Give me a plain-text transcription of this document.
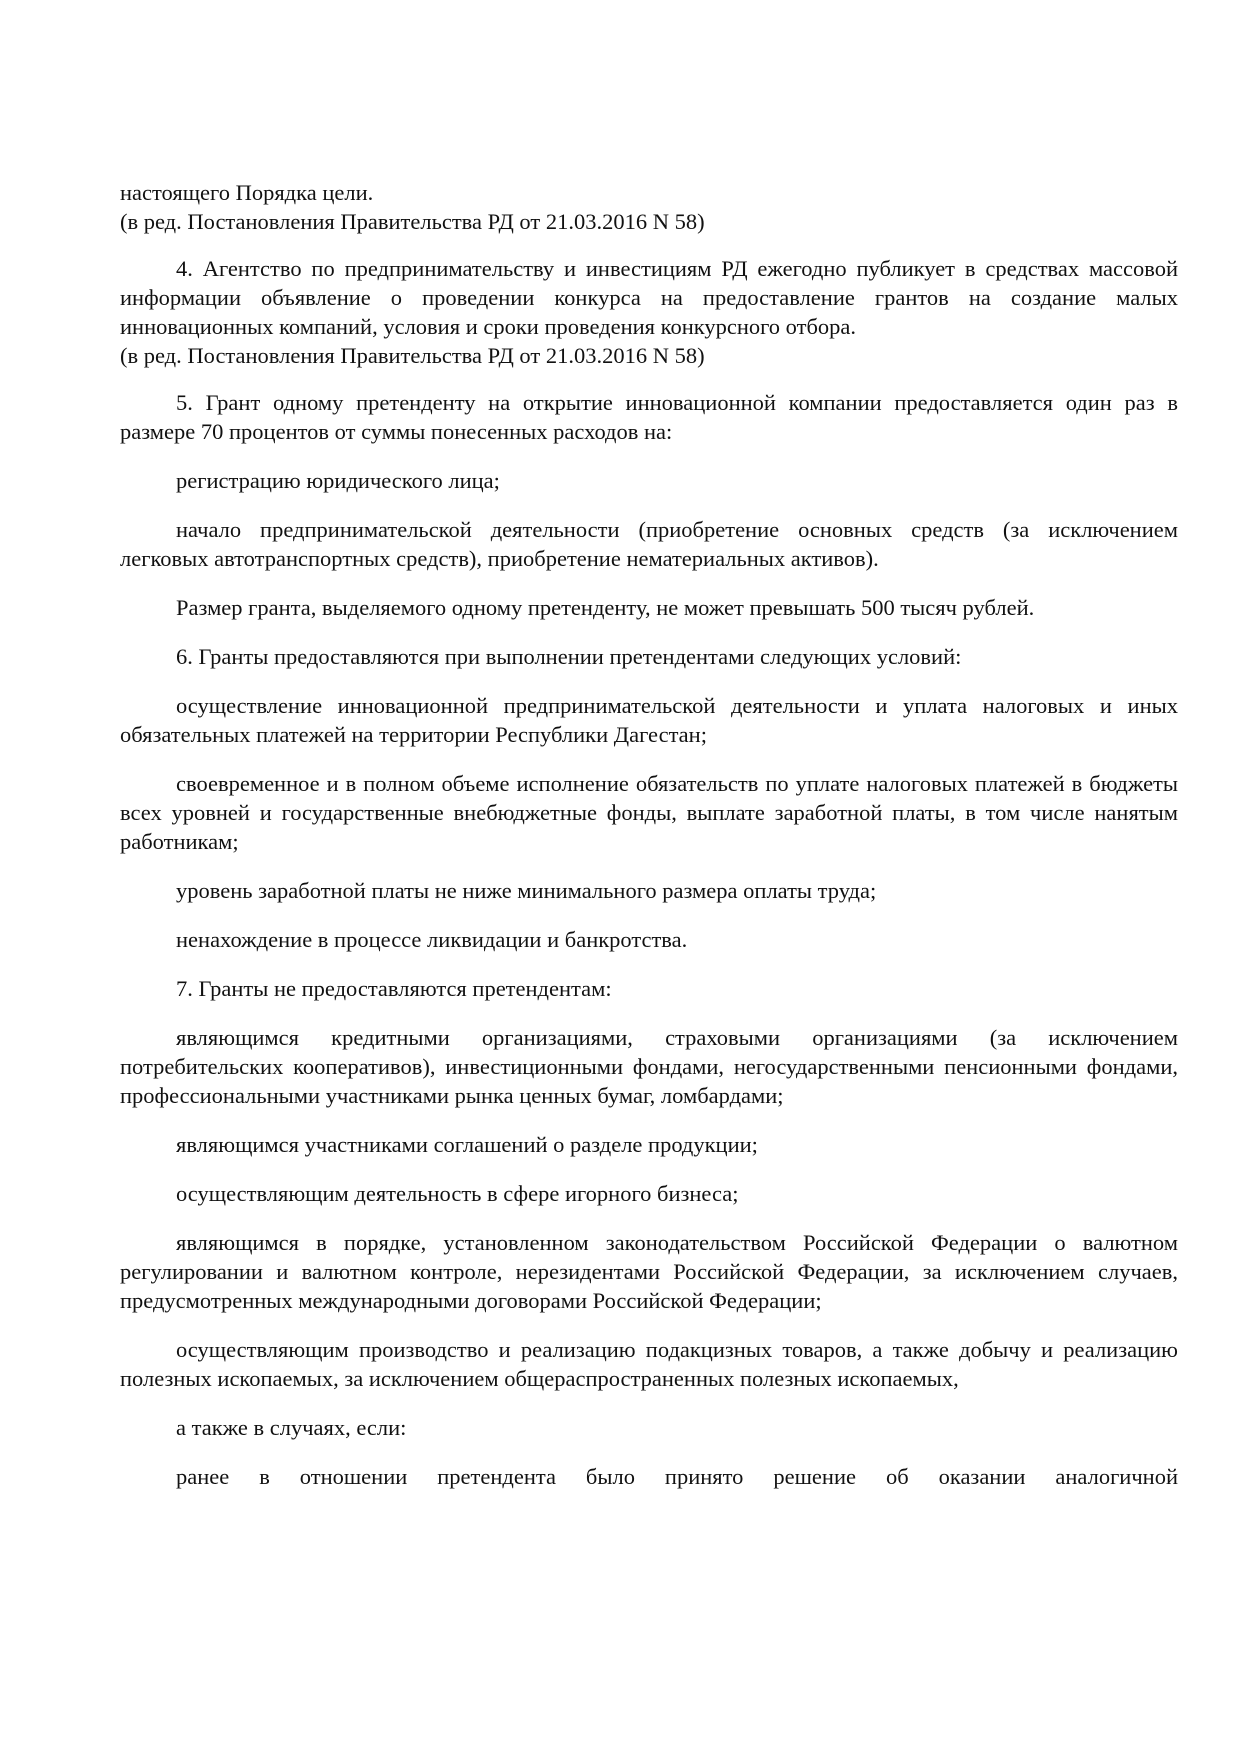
настоящего Порядка цели.

(в ред. Постановления Правительства РД от 21.03.2016 N 58)

4. Агентство по предпринимательству и инвестициям РД ежегодно публикует в средствах массовой информации объявление о проведении конкурса на предоставление грантов на создание малых инновационных компаний, условия и сроки проведения конкурсного отбора.

(в ред. Постановления Правительства РД от 21.03.2016 N 58)

5. Грант одному претенденту на открытие инновационной компании предоставляется один раз в размере 70 процентов от суммы понесенных расходов на:

регистрацию юридического лица;

начало предпринимательской деятельности (приобретение основных средств (за исключением легковых автотранспортных средств), приобретение нематериальных активов).

Размер гранта, выделяемого одному претенденту, не может превышать 500 тысяч рублей.

6. Гранты предоставляются при выполнении претендентами следующих условий:

осуществление инновационной предпринимательской деятельности и уплата налоговых и иных обязательных платежей на территории Республики Дагестан;

своевременное и в полном объеме исполнение обязательств по уплате налоговых платежей в бюджеты всех уровней и государственные внебюджетные фонды, выплате заработной платы, в том числе нанятым работникам;

уровень заработной платы не ниже минимального размера оплаты труда;

ненахождение в процессе ликвидации и банкротства.

7. Гранты не предоставляются претендентам:

являющимся кредитными организациями, страховыми организациями (за исключением потребительских кооперативов), инвестиционными фондами, негосударственными пенсионными фондами, профессиональными участниками рынка ценных бумаг, ломбардами;

являющимся участниками соглашений о разделе продукции;

осуществляющим деятельность в сфере игорного бизнеса;

являющимся в порядке, установленном законодательством Российской Федерации о валютном регулировании и валютном контроле, нерезидентами Российской Федерации, за исключением случаев, предусмотренных международными договорами Российской Федерации;

осуществляющим производство и реализацию подакцизных товаров, а также добычу и реализацию полезных ископаемых, за исключением общераспространенных полезных ископаемых,

а также в случаях, если:

ранее в отношении претендента было принято решение об оказании аналогичной
